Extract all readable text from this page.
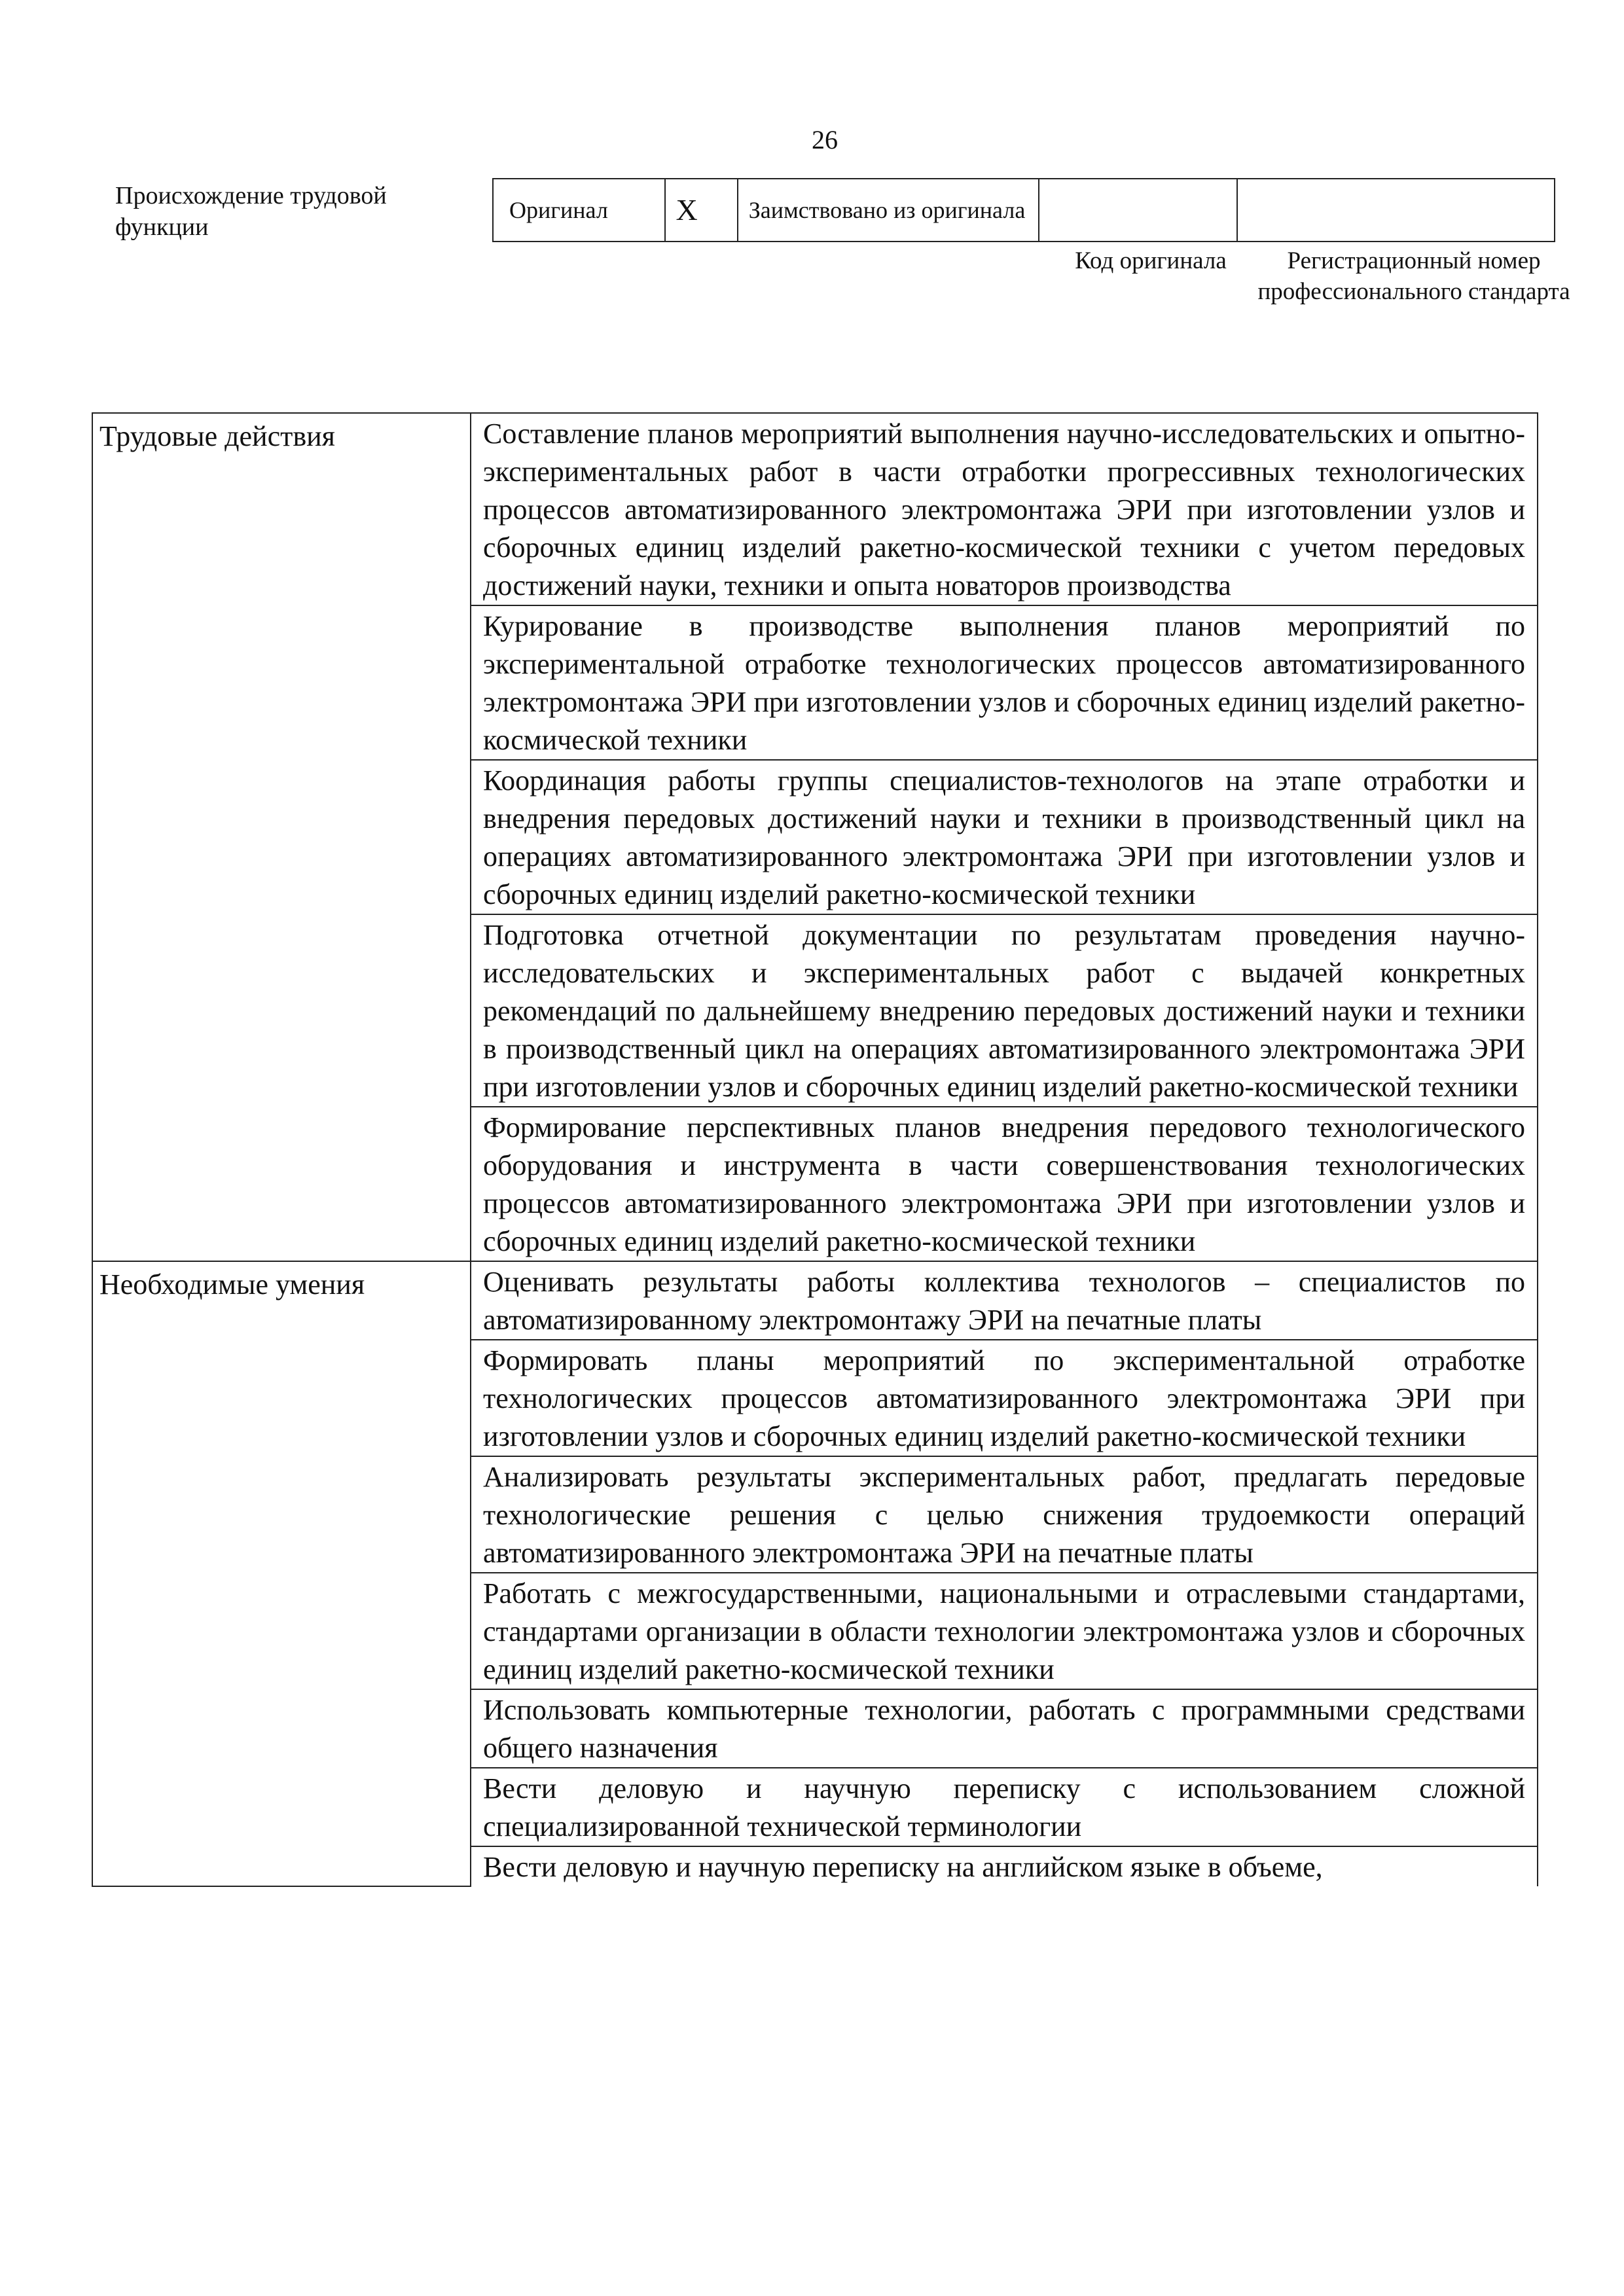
26
Происхождение трудовой функции
Оригинал	X	Заимствовано из оригинала		
Код оригинала	Регистрационный номер профессионального стандарта
Трудовые действия	Составление планов мероприятий выполнения научно-исследовательских и опытно-экспериментальных работ в части отработки прогрессивных технологических процессов автоматизированного электромонтажа ЭРИ при изготовлении узлов и сборочных единиц изделий ракетно-космической техники с учетом передовых достижений науки, техники и опыта новаторов производства
	Курирование в производстве выполнения планов мероприятий по экспериментальной отработке технологических процессов автоматизированного электромонтажа ЭРИ при изготовлении узлов и сборочных единиц изделий ракетно-космической техники
	Координация работы группы специалистов-технологов на этапе отработки и внедрения передовых достижений науки и техники в производственный цикл на операциях автоматизированного электромонтажа ЭРИ при изготовлении узлов и сборочных единиц изделий ракетно-космической техники
	Подготовка отчетной документации по результатам проведения научно-исследовательских и экспериментальных работ с выдачей конкретных рекомендаций по дальнейшему внедрению передовых достижений науки и техники в производственный цикл на операциях автоматизированного электромонтажа ЭРИ при изготовлении узлов и сборочных единиц изделий ракетно-космической техники
	Формирование перспективных планов внедрения передового технологического оборудования и инструмента в части совершенствования технологических процессов автоматизированного электромонтажа ЭРИ при изготовлении узлов и сборочных единиц изделий ракетно-космической техники
Необходимые умения	Оценивать результаты работы коллектива технологов – специалистов по автоматизированному электромонтажу ЭРИ на печатные платы
	Формировать планы мероприятий по экспериментальной отработке технологических процессов автоматизированного электромонтажа ЭРИ при изготовлении узлов и сборочных единиц изделий ракетно-космической техники
	Анализировать результаты экспериментальных работ, предлагать передовые технологические решения с целью снижения трудоемкости операций автоматизированного электромонтажа ЭРИ на печатные платы
	Работать с межгосударственными, национальными и отраслевыми стандартами, стандартами организации в области технологии электромонтажа узлов и сборочных единиц изделий ракетно-космической техники
	Использовать компьютерные технологии, работать с программными средствами общего назначения
	Вести деловую и научную переписку с использованием сложной специализированной технической терминологии
	Вести деловую и научную переписку на английском языке в объеме,
